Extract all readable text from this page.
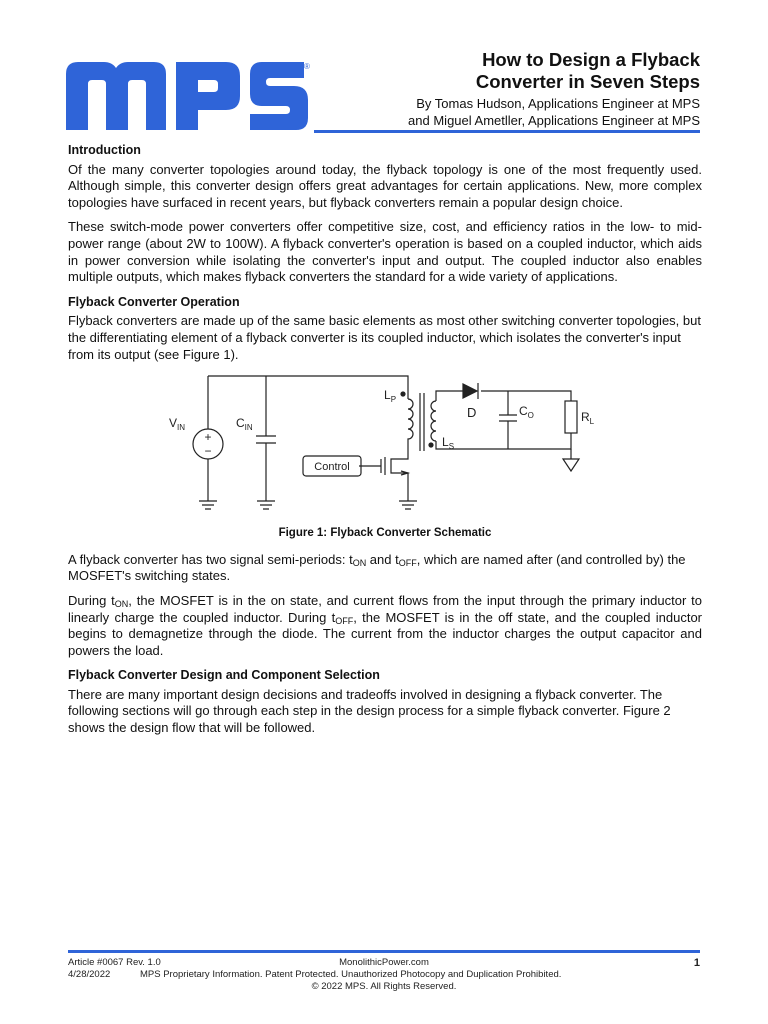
®	How to Design a Flyback
Converter in Seven Steps
By Tomas Hudson, Applications Engineer at MPS
and Miguel Ametller, Applications Engineer at MPS
Introduction

Of the many converter topologies around today, the flyback topology is one of the most frequently used. Although simple, this converter design offers great advantages for certain applications. New, more complex topologies have surfaced in recent years, but flyback converters remain a popular design choice.

These switch-mode power converters offer competitive size, cost, and efficiency ratios in the low- to mid-power range (about 2W to 100W). A flyback converter's operation is based on a coupled inductor, which aids in power conversion while isolating the converter's input and output. The coupled inductor also enables multiple outputs, which makes flyback converters the standard for a wide variety of applications.

Flyback Converter Operation

Flyback converters are made up of the same basic elements as most other switching converter topologies, but the differentiating element of a flyback converter is its coupled inductor, which isolates the converter's input from its output (see Figure 1).

+
−
$V_{IN}$	$C_{IN}$
$L_P$
$L_S$
D	$C_O$	$R_L$
Control
Figure 1: Flyback Converter Schematic

A flyback converter has two signal semi-periods: $t_{ON}$ and $t_{OFF}$, which are named after (and controlled by) the MOSFET's switching states.

During $t_{ON}$, the MOSFET is in the on state, and current flows from the input through the primary inductor to linearly charge the coupled inductor. During $t_{OFF}$, the MOSFET is in the off state, and the coupled inductor begins to demagnetize through the diode. The current from the inductor charges the output capacitor and powers the load.

Flyback Converter Design and Component Selection

There are many important design decisions and tradeoffs involved in designing a flyback converter. The following sections will go through each step in the design process for a simple flyback converter. Figure 2 shows the design flow that will be followed.

Article #0067 Rev. 1.0	MonolithicPower.com	1
4/28/2022	MPS Proprietary Information. Patent Protected. Unauthorized Photocopy and Duplication Prohibited.
© 2022 MPS. All Rights Reserved.
